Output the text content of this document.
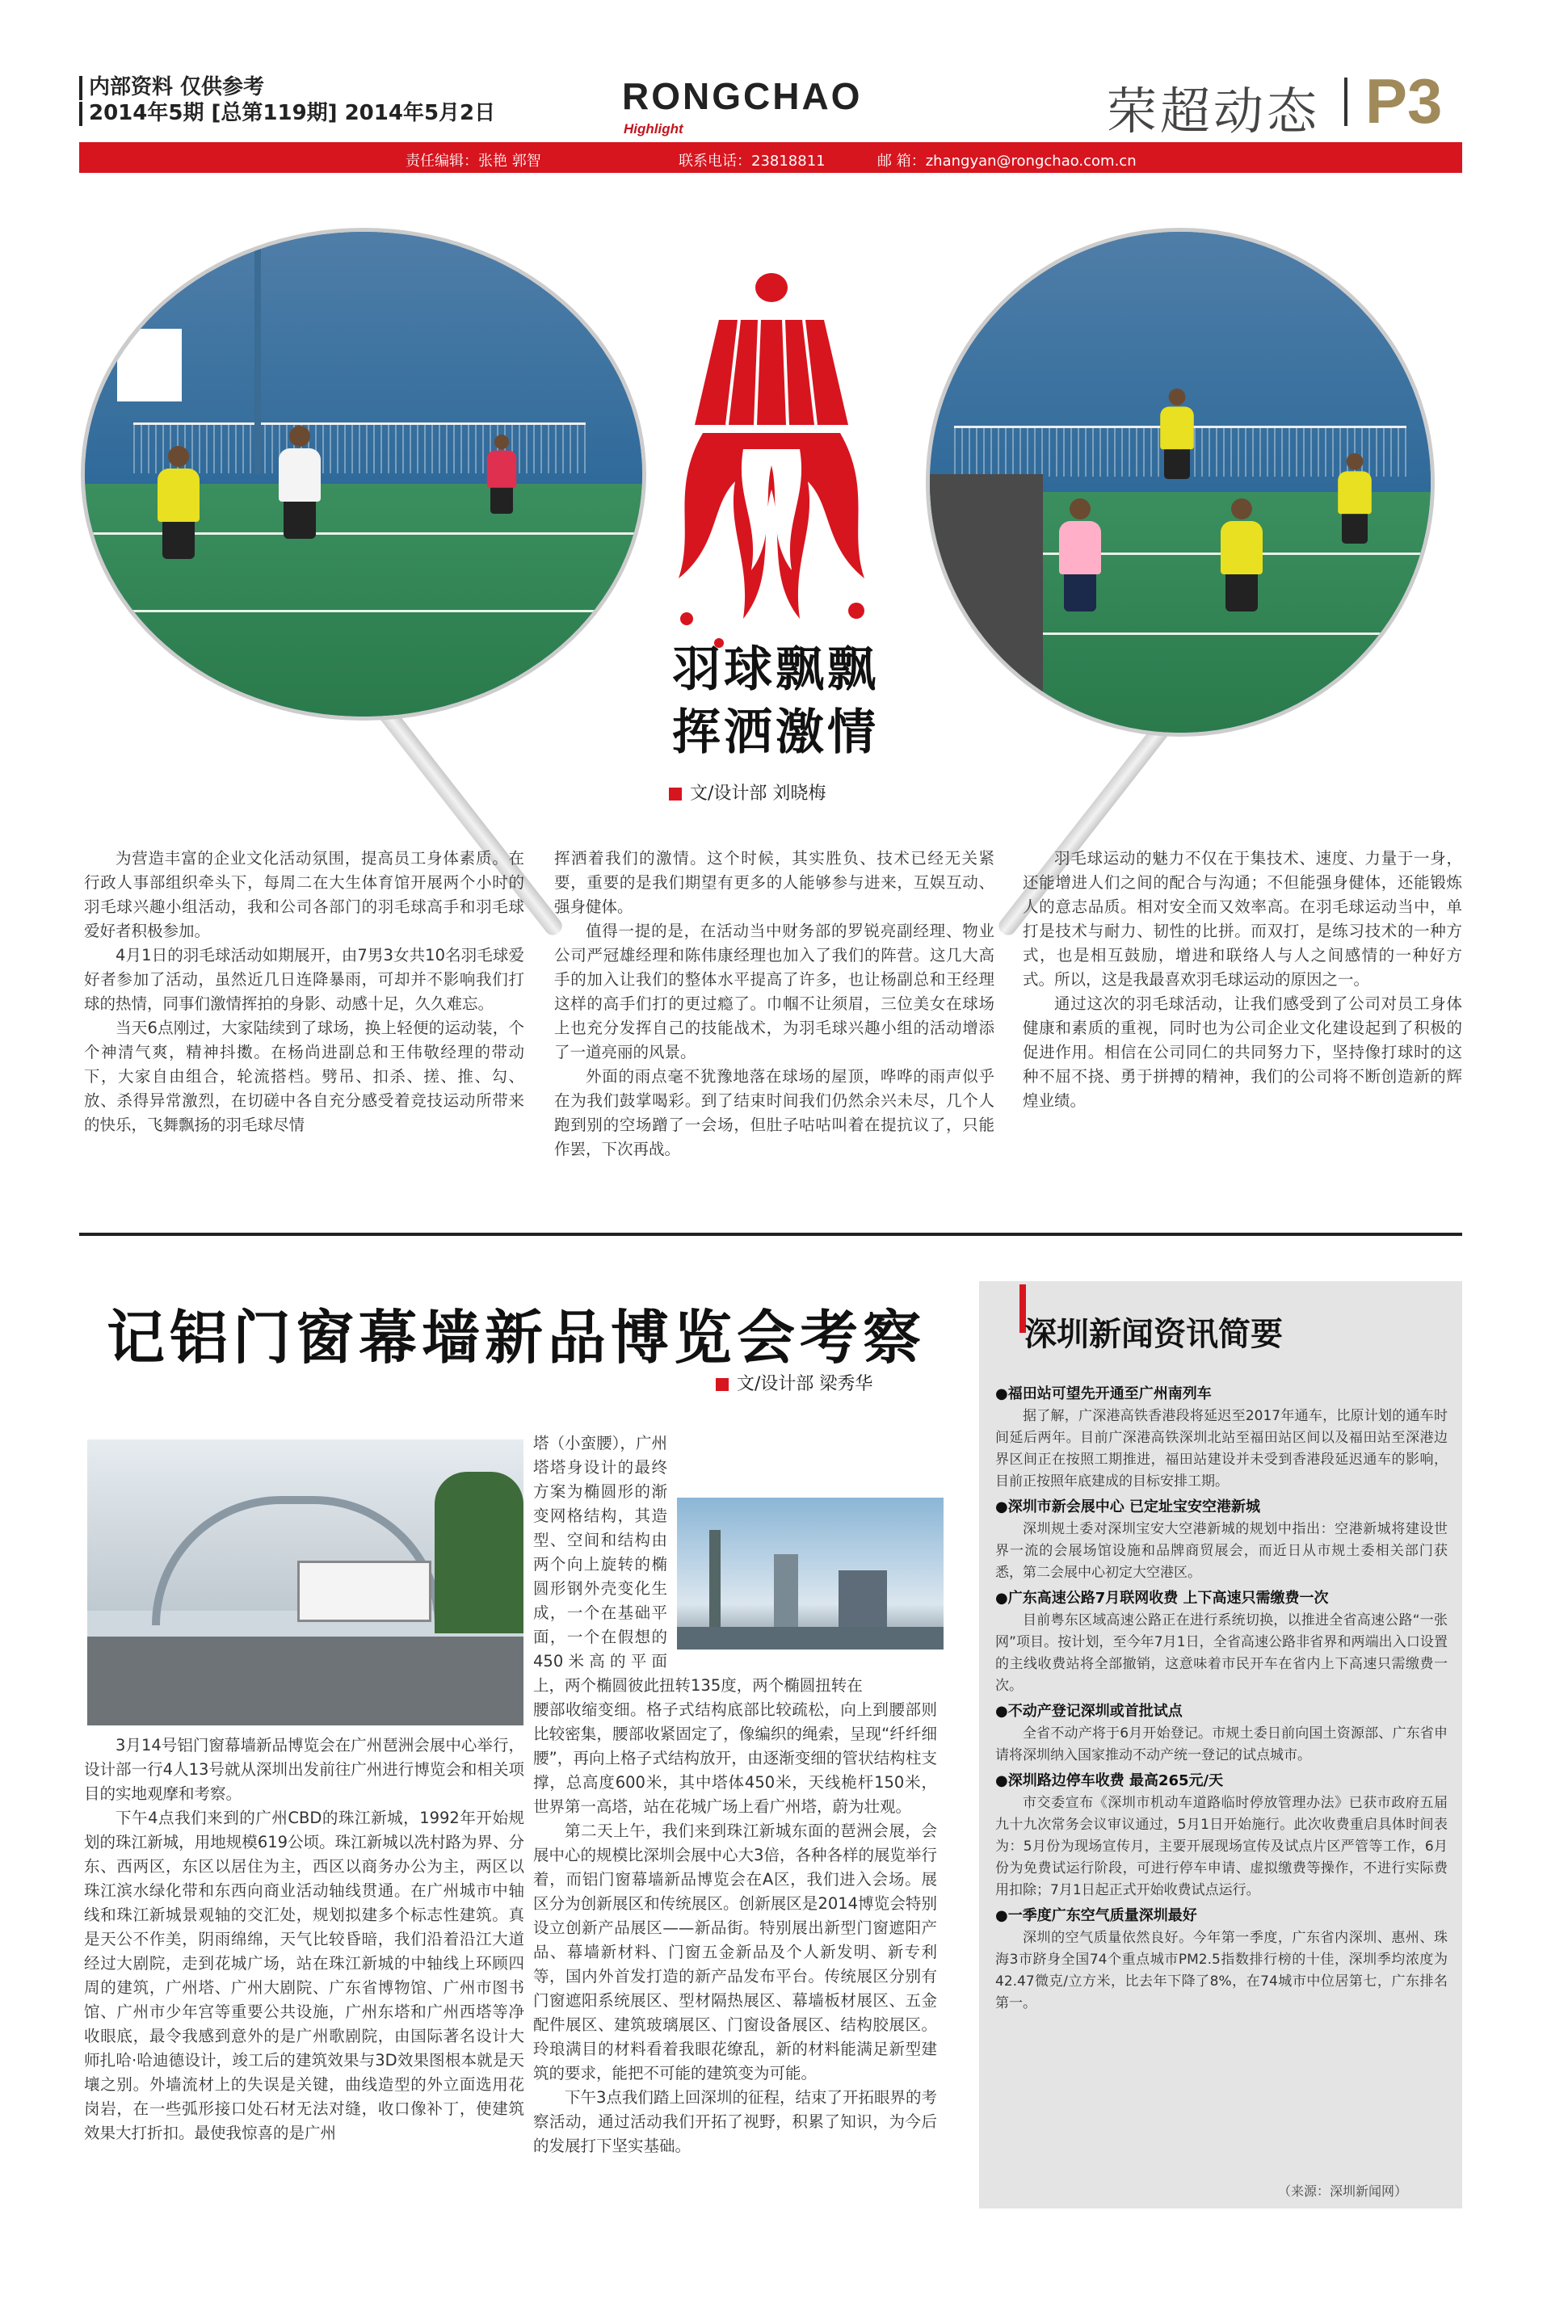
内部资料 仅供参考
2014年5期 [总第119期] 2014年5月2日	RONGCHAO
Highlight	荣超动态 P3
责任编辑：张艳 郭智	联系电话：23818811	邮 箱：zhangyan@rongchao.com.cn
羽球飘飘
挥洒激情
文/设计部 刘晓梅

为营造丰富的企业文化活动氛围，提高员工身体素质。在行政人事部组织牵头下，每周二在大生体育馆开展两个小时的羽毛球兴趣小组活动，我和公司各部门的羽毛球高手和羽毛球爱好者积极参加。

4月1日的羽毛球活动如期展开，由7男3女共10名羽毛球爱好者参加了活动，虽然近几日连降暴雨，可却并不影响我们打球的热情，同事们激情挥拍的身影、动感十足，久久难忘。

当天6点刚过，大家陆续到了球场，换上轻便的运动装，个个神清气爽，精神抖擞。在杨尚进副总和王伟敬经理的带动下，大家自由组合，轮流搭档。劈吊、扣杀、搓、推、勾、放、杀得异常激烈，在切磋中各自充分感受着竞技运动所带来的快乐，飞舞飘扬的羽毛球尽情

挥洒着我们的激情。这个时候，其实胜负、技术已经无关紧要，重要的是我们期望有更多的人能够参与进来，互娱互动、强身健体。

值得一提的是，在活动当中财务部的罗锐亮副经理、物业公司严冠雄经理和陈伟康经理也加入了我们的阵营。这几大高手的加入让我们的整体水平提高了许多，也让杨副总和王经理这样的高手们打的更过瘾了。巾帼不让须眉，三位美女在球场上也充分发挥自己的技能战术，为羽毛球兴趣小组的活动增添了一道亮丽的风景。

外面的雨点毫不犹豫地落在球场的屋顶，哗哗的雨声似乎在为我们鼓掌喝彩。到了结束时间我们仍然余兴未尽，几个人跑到别的空场蹭了一会场，但肚子咕咕叫着在提抗议了，只能作罢，下次再战。

羽毛球运动的魅力不仅在于集技术、速度、力量于一身，还能增进人们之间的配合与沟通；不但能强身健体，还能锻炼人的意志品质。相对安全而又效率高。在羽毛球运动当中，单打是技术与耐力、韧性的比拼。而双打，是练习技术的一种方式，也是相互鼓励，增进和联络人与人之间感情的一种好方式。所以，这是我最喜欢羽毛球运动的原因之一。

通过这次的羽毛球活动，让我们感受到了公司对员工身体健康和素质的重视，同时也为公司企业文化建设起到了积极的促进作用。相信在公司同仁的共同努力下，坚持像打球时的这种不屈不挠、勇于拼搏的精神，我们的公司将不断创造新的辉煌业绩。

记铝门窗幕墙新品博览会考察
文/设计部 梁秀华

3月14号铝门窗幕墙新品博览会在广州琶洲会展中心举行，设计部一行4人13号就从深圳出发前往广州进行博览会和相关项目的实地观摩和考察。

下午4点我们来到的广州CBD的珠江新城，1992年开始规划的珠江新城，用地规模619公顷。珠江新城以冼村路为界、分东、西两区，东区以居住为主，西区以商务办公为主，两区以珠江滨水绿化带和东西向商业活动轴线贯通。在广州城市中轴线和珠江新城景观轴的交汇处，规划拟建多个标志性建筑。真是天公不作美，阴雨绵绵，天气比较昏暗，我们沿着沿江大道经过大剧院，走到花城广场，站在珠江新城的中轴线上环顾四周的建筑，广州塔、广州大剧院、广东省博物馆、广州市图书馆、广州市少年宫等重要公共设施，广州东塔和广州西塔等净收眼底，最令我感到意外的是广州歌剧院，由国际著名设计大师扎哈·哈迪德设计，竣工后的建筑效果与3D效果图根本就是天壤之别。外墙流材上的失误是关键，曲线造型的外立面选用花岗岩，在一些弧形接口处石材无法对缝，收口像补丁，使建筑效果大打折扣。最使我惊喜的是广州

塔（小蛮腰），广州塔塔身设计的最终方案为椭圆形的渐变网格结构，其造型、空间和结构由两个向上旋转的椭圆形钢外壳变化生成，一个在基础平面，一个在假想的450米高的平面上，两个椭圆彼此扭转135度，两个椭圆扭转在

腰部收缩变细。格子式结构底部比较疏松，向上到腰部则比较密集，腰部收紧固定了，像编织的绳索，呈现“纤纤细腰”，再向上格子式结构放开，由逐渐变细的管状结构柱支撑，总高度600米，其中塔体450米，天线桅杆150米，世界第一高塔，站在花城广场上看广州塔，蔚为壮观。

第二天上午，我们来到珠江新城东面的琶洲会展，会展中心的规模比深圳会展中心大3倍，各种各样的展览举行着，而铝门窗幕墙新品博览会在A区，我们进入会场。展区分为创新展区和传统展区。创新展区是2014博览会特别设立创新产品展区——新品街。特别展出新型门窗遮阳产品、幕墙新材料、门窗五金新品及个人新发明、新专利等，国内外首发打造的新产品发布平台。传统展区分别有门窗遮阳系统展区、型材隔热展区、幕墙板材展区、五金配件展区、建筑玻璃展区、门窗设备展区、结构胶展区。玲琅满目的材料看着我眼花缭乱，新的材料能满足新型建筑的要求，能把不可能的建筑变为可能。

下午3点我们踏上回深圳的征程，结束了开拓眼界的考察活动，通过活动我们开拓了视野，积累了知识，为今后的发展打下坚实基础。

深圳新闻资讯简要
●福田站可望先开通至广州南列车

据了解，广深港高铁香港段将延迟至2017年通车，比原计划的通车时间延后两年。目前广深港高铁深圳北站至福田站区间以及福田站至深港边界区间正在按照工期推进，福田站建设并未受到香港段延迟通车的影响，目前正按照年底建成的目标安排工期。

●深圳市新会展中心 已定址宝安空港新城

深圳规土委对深圳宝安大空港新城的规划中指出：空港新城将建设世界一流的会展场馆设施和品牌商贸展会，而近日从市规土委相关部门获悉，第二会展中心初定大空港区。

●广东高速公路7月联网收费 上下高速只需缴费一次

目前粤东区域高速公路正在进行系统切换，以推进全省高速公路“一张网”项目。按计划，至今年7月1日，全省高速公路非省界和两端出入口设置的主线收费站将全部撤销，这意味着市民开车在省内上下高速只需缴费一次。

●不动产登记深圳或首批试点

全省不动产将于6月开始登记。市规土委日前向国土资源部、广东省申请将深圳纳入国家推动不动产统一登记的试点城市。

●深圳路边停车收费 最高265元/天

市交委宣布《深圳市机动车道路临时停放管理办法》已获市政府五届九十九次常务会议审议通过，5月1日开始施行。此次收费重启具体时间表为：5月份为现场宣传月，主要开展现场宣传及试点片区严管等工作，6月份为免费试运行阶段，可进行停车申请、虚拟缴费等操作，不进行实际费用扣除；7月1日起正式开始收费试点运行。

●一季度广东空气质量深圳最好

深圳的空气质量依然良好。今年第一季度，广东省内深圳、惠州、珠海3市跻身全国74个重点城市PM2.5指数排行榜的十佳，深圳季均浓度为42.47微克/立方米，比去年下降了8%，在74城市中位居第七，广东排名第一。

（来源：深圳新闻网）
